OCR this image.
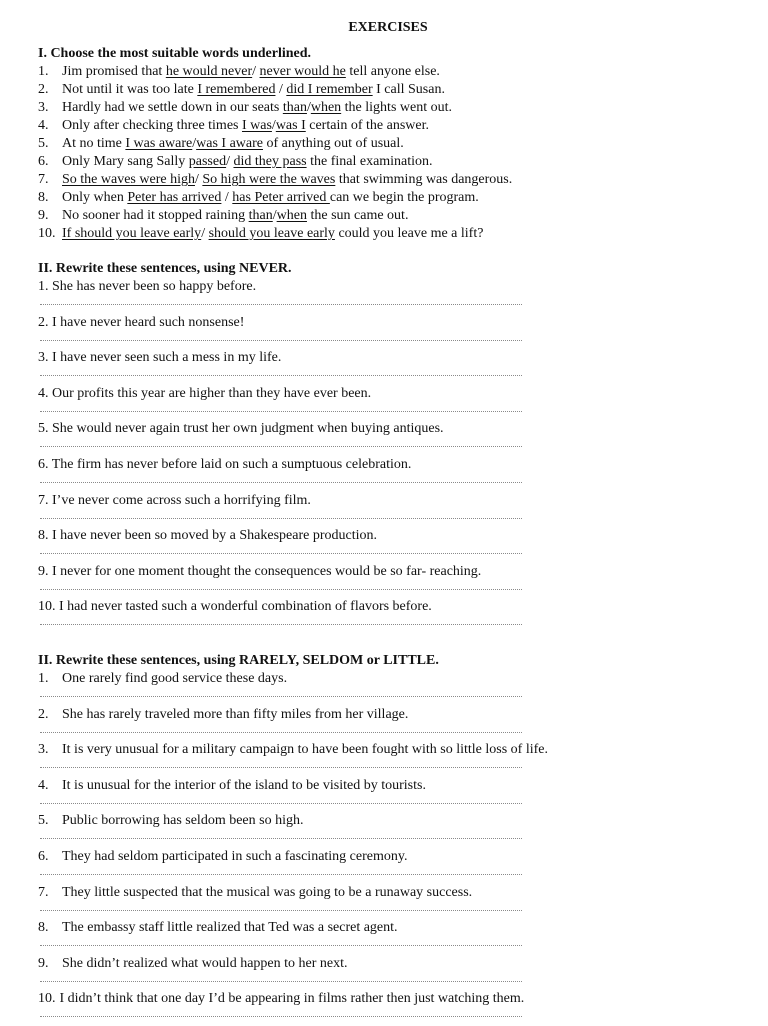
EXERCISES

I. Choose the most suitable words underlined.

1. Jim promised that he would never/ never would he tell anyone else.
2. Not until it was too late I remembered / did I remember I call Susan.
3. Hardly had we settle down in our seats than/when the lights went out.
4. Only after checking three times I was/was I certain of the answer.
5. At no time I was aware/was I aware of anything out of usual.
6. Only Mary sang Sally passed/ did they pass the final examination.
7. So the waves were high/ So high were the waves that swimming was dangerous.
8. Only when Peter has arrived / has Peter arrived can we begin the program.
9. No sooner had it stopped raining than/when the sun came out.
10. If should you leave early/ should you leave early could you leave me a lift?

II. Rewrite these sentences, using NEVER.

1. She has never been so happy before.
2. I have never heard such nonsense!
3. I have never seen such a mess in my life.
4. Our profits this year are higher than they have ever been.
5. She would never again trust her own judgment when buying antiques.
6. The firm has never before laid on such a sumptuous celebration.
7. I’ve never come across such a horrifying film.
8. I have never been so moved by a Shakespeare production.
9. I never for one moment thought the consequences would be so far- reaching.
10. I had never tasted such a wonderful combination of flavors before.

II. Rewrite these sentences, using RARELY, SELDOM or LITTLE.

1. One rarely find good service these days.
2. She has rarely traveled more than fifty miles from her village.
3. It is very unusual for a military campaign to have been fought with so little loss of life.
4. It is unusual for the interior of the island to be visited by tourists.
5. Public borrowing has seldom been so high.
6. They had seldom participated in such a fascinating ceremony.
7. They little suspected that the musical was going to be a runaway success.
8. The embassy staff little realized that Ted was a secret agent.
9. She didn’t realized what would happen to her next.
10. I didn’t think that one day I’d be appearing in films rather then just watching them.
